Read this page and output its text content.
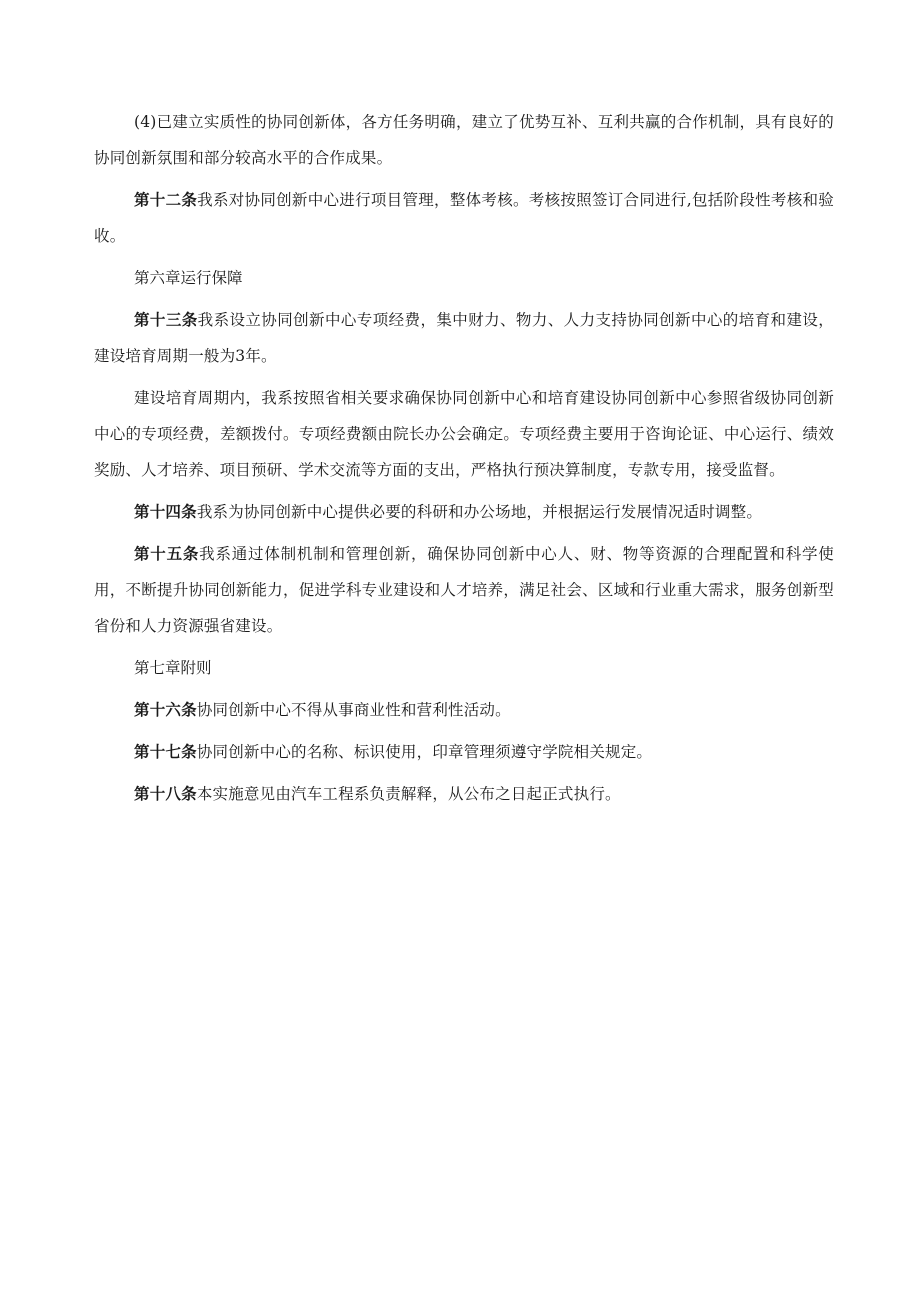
(4)已建立实质性的协同创新体，各方任务明确，建立了优势互补、互利共赢的合作机制，具有良好的协同创新氛围和部分较高水平的合作成果。

第十二条我系对协同创新中心进行项目管理，整体考核。考核按照签订合同进行,包括阶段性考核和验收。

第六章运行保障

第十三条我系设立协同创新中心专项经费，集中财力、物力、人力支持协同创新中心的培育和建设，建设培育周期一般为3年。

建设培育周期内，我系按照省相关要求确保协同创新中心和培育建设协同创新中心参照省级协同创新中心的专项经费，差额拨付。专项经费额由院长办公会确定。专项经费主要用于咨询论证、中心运行、绩效奖励、人才培养、项目预研、学术交流等方面的支出，严格执行预决算制度，专款专用，接受监督。

第十四条我系为协同创新中心提供必要的科研和办公场地，并根据运行发展情况适时调整。

第十五条我系通过体制机制和管理创新，确保协同创新中心人、财、物等资源的合理配置和科学使用，不断提升协同创新能力，促进学科专业建设和人才培养，满足社会、区域和行业重大需求，服务创新型省份和人力资源强省建设。

第七章附则

第十六条协同创新中心不得从事商业性和营利性活动。

第十七条协同创新中心的名称、标识使用，印章管理须遵守学院相关规定。

第十八条本实施意见由汽车工程系负责解释，从公布之日起正式执行。
